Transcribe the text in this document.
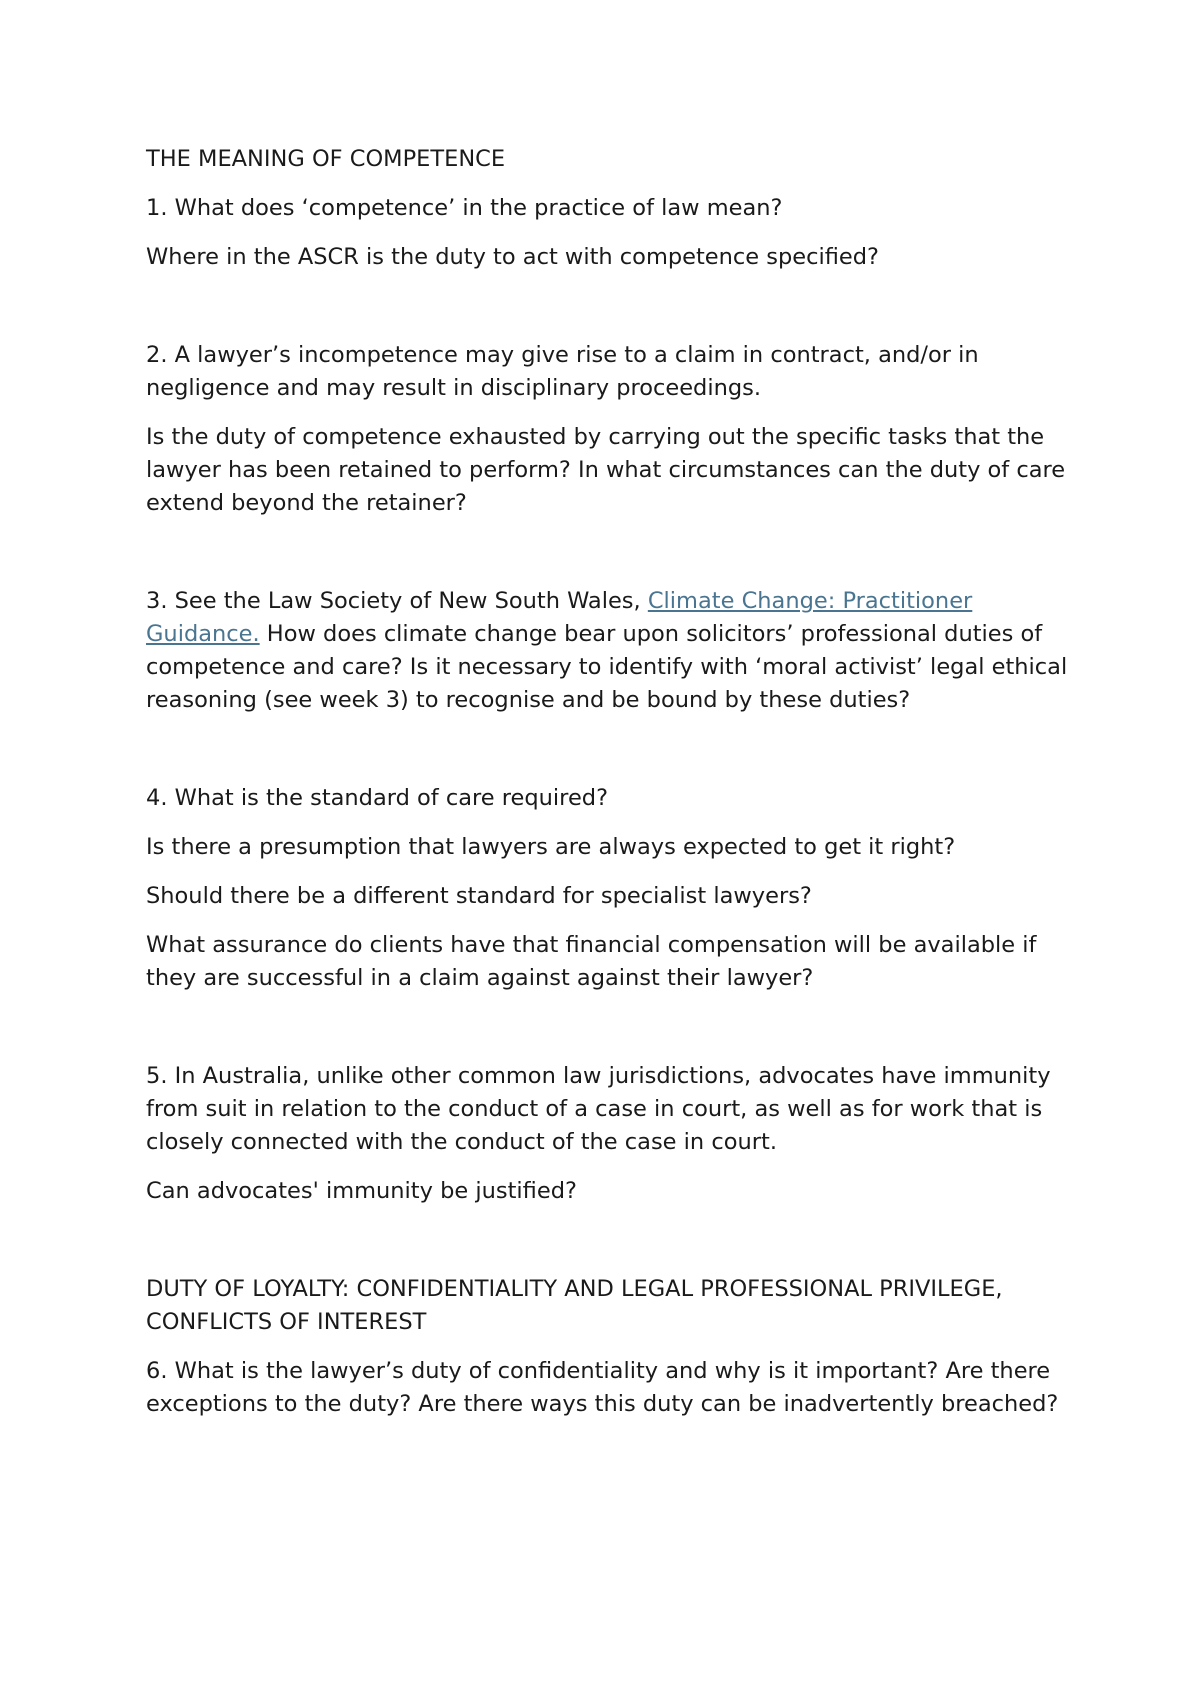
THE MEANING OF COMPETENCE

1. What does ‘competence’ in the practice of law mean?

Where in the ASCR is the duty to act with competence specified?

2. A lawyer’s incompetence may give rise to a claim in contract, and/or in negligence and may result in disciplinary proceedings.

Is the duty of competence exhausted by carrying out the specific tasks that the lawyer has been retained to perform? In what circumstances can the duty of care extend beyond the retainer?

3. See the Law Society of New South Wales, Climate Change: Practitioner Guidance. How does climate change bear upon solicitors’ professional duties of competence and care? Is it necessary to identify with ‘moral activist’ legal ethical reasoning (see week 3) to recognise and be bound by these duties?

4. What is the standard of care required?

Is there a presumption that lawyers are always expected to get it right?

Should there be a different standard for specialist lawyers?

What assurance do clients have that financial compensation will be available if they are successful in a claim against against their lawyer?

5. In Australia, unlike other common law jurisdictions, advocates have immunity from suit in relation to the conduct of a case in court, as well as for work that is closely connected with the conduct of the case in court.

Can advocates' immunity be justified?

DUTY OF LOYALTY: CONFIDENTIALITY AND LEGAL PROFESSIONAL PRIVILEGE, CONFLICTS OF INTEREST

6. What is the lawyer’s duty of confidentiality and why is it important? Are there exceptions to the duty? Are there ways this duty can be inadvertently breached?
